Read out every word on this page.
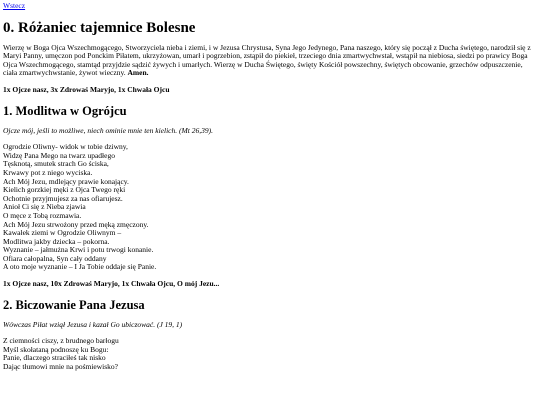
Wstecz
0. Różaniec tajemnice Bolesne

Wierzę w Boga Ojca Wszechmogącego, Stworzyciela nieba i ziemi, i w Jezusa Chrystusa, Syna Jego Jedynego, Pana naszego, który się począł z Ducha świętego, narodził się z Maryi Panny, umęczon pod Ponckim Piłatem, ukrzyżowan, umarł i pogrzebion, zstąpił do piekieł, trzeciego dnia zmartwychwstał, wstąpił na niebiosa, siedzi po prawicy Boga Ojca Wszechmogącego, stamtąd przyjdzie sądzić żywych i umarłych. Wierzę w Ducha Świętego, święty Kościół powszechny, świętych obcowanie, grzechów odpuszczenie, ciała zmartwychwstanie, żywot wieczny. Amen.

1x Ojcze nasz, 3x Zdrowaś Maryjo, 1x Chwała Ojcu

1. Modlitwa w Ogrójcu

Ojcze mój, jeśli to możliwe, niech ominie mnie ten kielich. (Mt 26,39).

Ogrodzie Oliwny- widok w tobie dziwny,
Widzę Pana Mego na twarz upadłego
Tęsknotą, smutek strach Go ściska,
Krwawy pot z niego wyciska.
Ach Mój Jezu, mdlejący prawie konający.
Kielich gorzkiej męki z Ojca Twego ręki
Ochotnie przyjmujesz za nas ofiarujesz.
Anioł Ci się z Nieba zjawia
O męce z Tobą rozmawia.
Ach Mój Jezu strwożony przed męką zmęczony.
Kawałek ziemi w Ogrodzie Oliwnym –
Modlitwa jakby dziecka – pokorna.
Wyznanie – jałmużna Krwi i potu trwogi konanie.
Ofiara całopalna, Syn cały oddany
A oto moje wyznanie – I Ja Tobie oddaje się Panie.

1x Ojcze nasz, 10x Zdrowaś Maryjo, 1x Chwała Ojcu, O mój Jezu...

2. Biczowanie Pana Jezusa

Wówczas Piłat wziął Jezusa i kazał Go ubiczować. (J 19, 1)

Z ciemności ciszy, z brudnego barłogu
Myśl skołataną podnoszę ku Bogu:
Panie, dlaczego straciłeś tak nisko
Dając tłumowi mnie na pośmiewisko?
